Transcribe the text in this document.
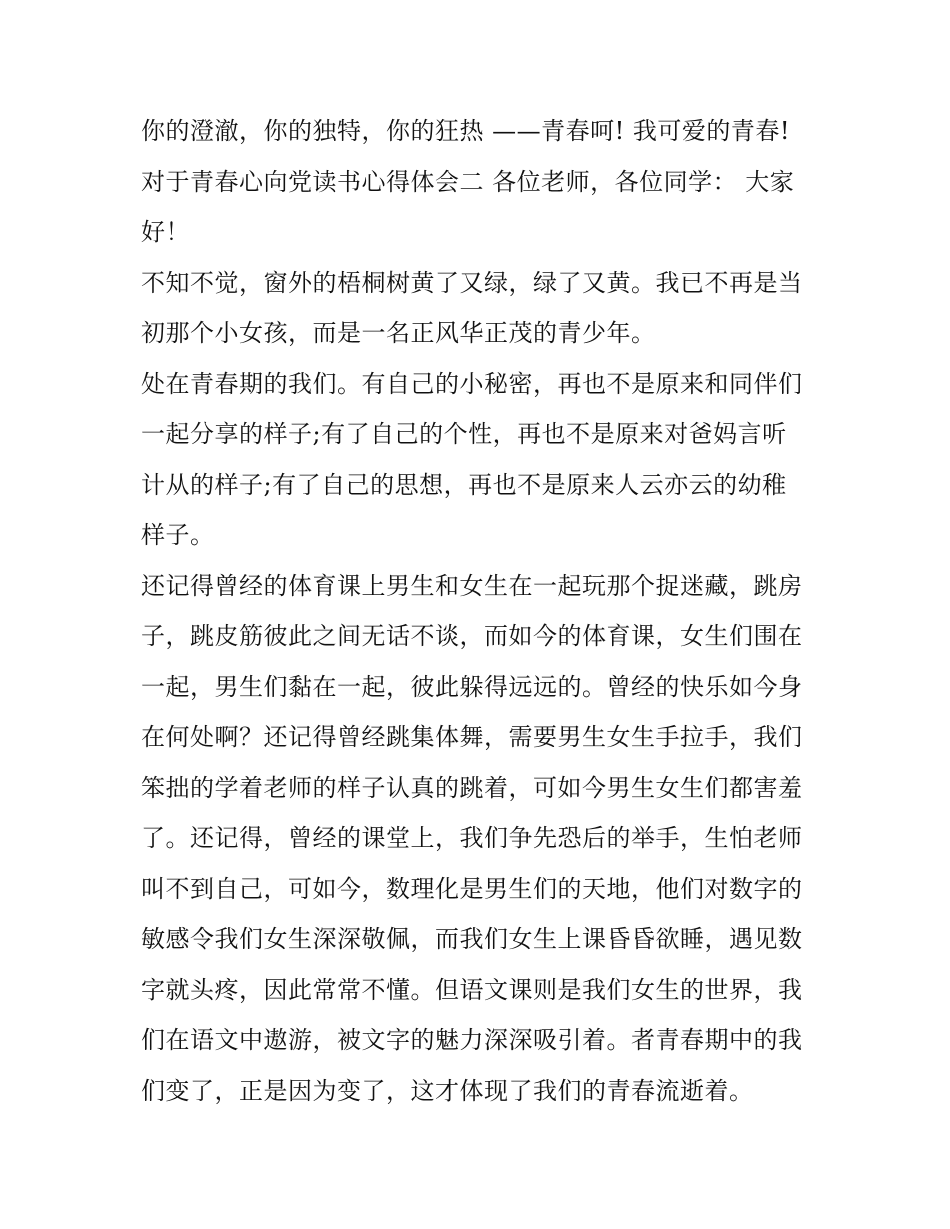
你的澄澈，你的独特，你的狂热 ——青春呵! 我可爱的青春!
对于青春心向党读书心得体会二 各位老师，各位同学： 大家
好！
不知不觉，窗外的梧桐树黄了又绿，绿了又黄。我已不再是当
初那个小女孩，而是一名正风华正茂的青少年。
处在青春期的我们。有自己的小秘密，再也不是原来和同伴们
一起分享的样子;有了自己的个性，再也不是原来对爸妈言听
计从的样子;有了自己的思想，再也不是原来人云亦云的幼稚
样子。
还记得曾经的体育课上男生和女生在一起玩那个捉迷藏，跳房
子，跳皮筋彼此之间无话不谈，而如今的体育课，女生们围在
一起，男生们黏在一起，彼此躲得远远的。曾经的快乐如今身
在何处啊？还记得曾经跳集体舞，需要男生女生手拉手，我们
笨拙的学着老师的样子认真的跳着，可如今男生女生们都害羞
了。还记得，曾经的课堂上，我们争先恐后的举手，生怕老师
叫不到自己，可如今，数理化是男生们的天地，他们对数字的
敏感令我们女生深深敬佩，而我们女生上课昏昏欲睡，遇见数
字就头疼，因此常常不懂。但语文课则是我们女生的世界，我
们在语文中遨游，被文字的魅力深深吸引着。者青春期中的我
们变了，正是因为变了，这才体现了我们的青春流逝着。
